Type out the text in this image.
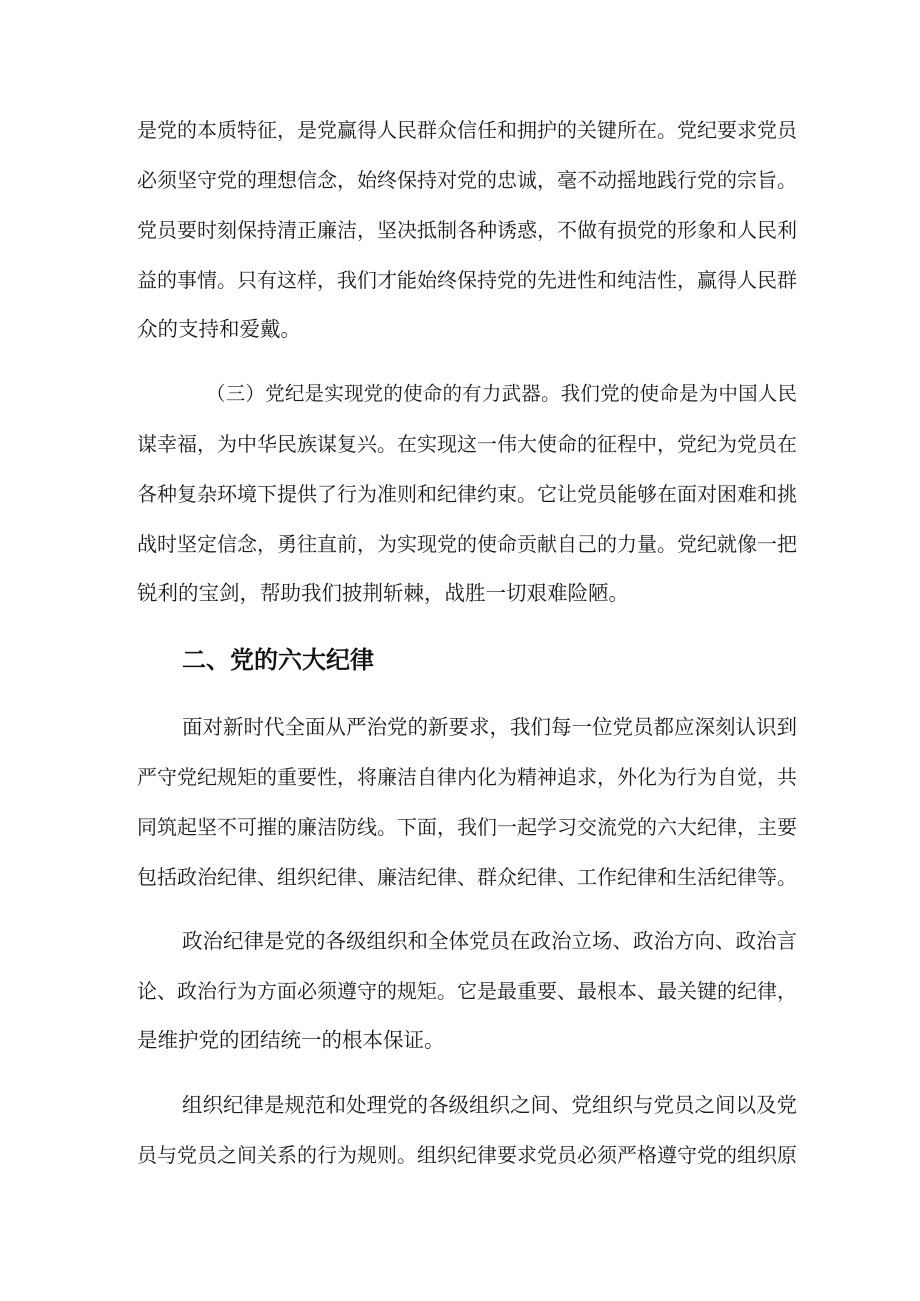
是党的本质特征，是党赢得人民群众信任和拥护的关键所在。党纪要求党员
必须坚守党的理想信念，始终保持对党的忠诚，毫不动摇地践行党的宗旨。
党员要时刻保持清正廉洁，坚决抵制各种诱惑，不做有损党的形象和人民利
益的事情。只有这样，我们才能始终保持党的先进性和纯洁性，赢得人民群
众的支持和爱戴。
（三）党纪是实现党的使命的有力武器。我们党的使命是为中国人民
谋幸福，为中华民族谋复兴。在实现这一伟大使命的征程中，党纪为党员在
各种复杂环境下提供了行为准则和纪律约束。它让党员能够在面对困难和挑
战时坚定信念，勇往直前，为实现党的使命贡献自己的力量。党纪就像一把
锐利的宝剑，帮助我们披荆斩棘，战胜一切艰难险陋。
二、党的六大纪律
面对新时代全面从严治党的新要求，我们每一位党员都应深刻认识到
严守党纪规矩的重要性，将廉洁自律内化为精神追求，外化为行为自觉，共
同筑起坚不可摧的廉洁防线。下面，我们一起学习交流党的六大纪律，主要
包括政治纪律、组织纪律、廉洁纪律、群众纪律、工作纪律和生活纪律等。
政治纪律是党的各级组织和全体党员在政治立场、政治方向、政治言
论、政治行为方面必须遵守的规矩。它是最重要、最根本、最关键的纪律，
是维护党的团结统一的根本保证。
组织纪律是规范和处理党的各级组织之间、党组织与党员之间以及党
员与党员之间关系的行为规则。组织纪律要求党员必须严格遵守党的组织原
